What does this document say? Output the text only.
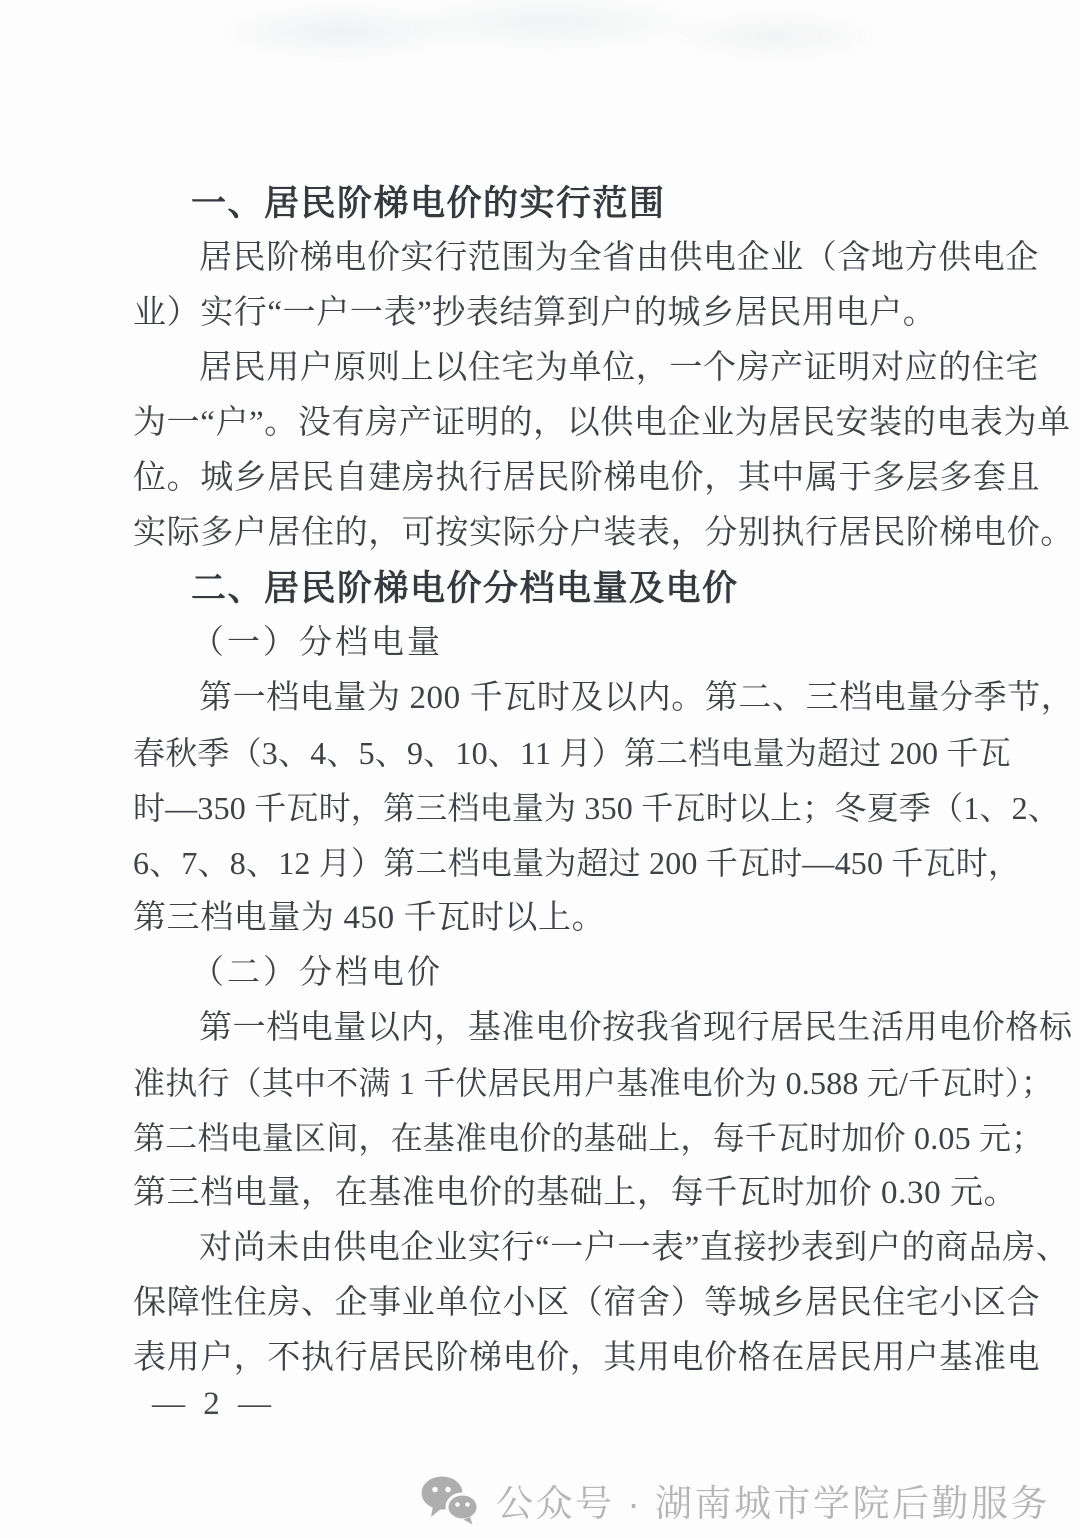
一、居民阶梯电价的实行范围
居民阶梯电价实行范围为全省由供电企业（含地方供电企
业）实行“一户一表”抄表结算到户的城乡居民用电户。
居民用户原则上以住宅为单位，一个房产证明对应的住宅
为一“户”。没有房产证明的，以供电企业为居民安装的电表为单
位。城乡居民自建房执行居民阶梯电价，其中属于多层多套且
实际多户居住的，可按实际分户装表，分别执行居民阶梯电价。
二、居民阶梯电价分档电量及电价
（一）分档电量
第一档电量为 200 千瓦时及以内。第二、三档电量分季节，
春秋季（3、4、5、9、10、11 月）第二档电量为超过 200 千瓦
时—350 千瓦时，第三档电量为 350 千瓦时以上；冬夏季（1、2、
6、7、8、12 月）第二档电量为超过 200 千瓦时—450 千瓦时，
第三档电量为 450 千瓦时以上。
（二）分档电价
第一档电量以内，基准电价按我省现行居民生活用电价格标
准执行（其中不满 1 千伏居民用户基准电价为 0.588 元/千瓦时）；
第二档电量区间，在基准电价的基础上，每千瓦时加价 0.05 元；
第三档电量，在基准电价的基础上，每千瓦时加价 0.30 元。
对尚未由供电企业实行“一户一表”直接抄表到户的商品房、
保障性住房、企事业单位小区（宿舍）等城乡居民住宅小区合
表用户，不执行居民阶梯电价，其用电价格在居民用户基准电
— 2 —
公众号 · 湖南城市学院后勤服务
